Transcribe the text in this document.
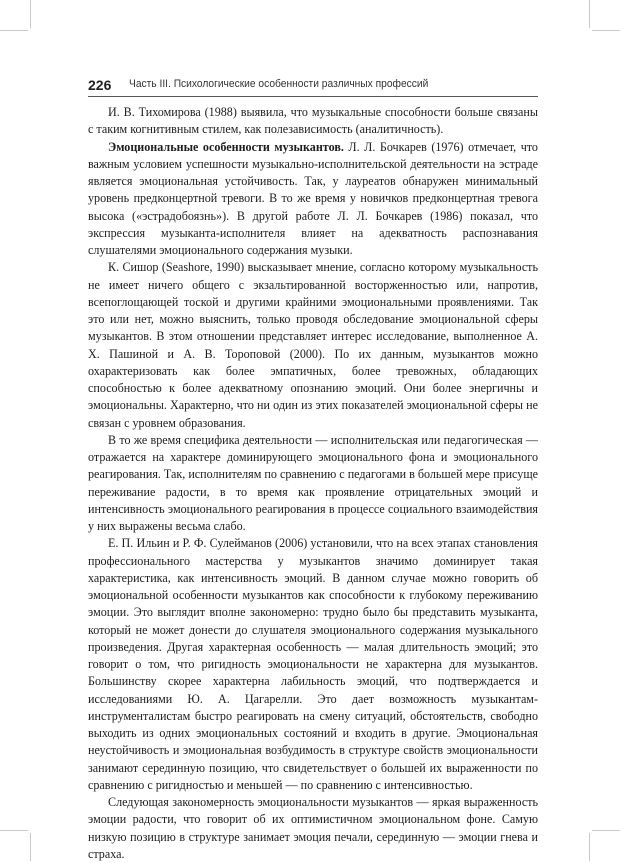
226 Часть III. Психологические особенности различных профессий

И. В. Тихомирова (1988) выявила, что музыкальные способности больше связаны с таким когнитивным стилем, как полезависимость (аналитичность).

Эмоциональные особенности музыкантов. Л. Л. Бочкарев (1976) отмечает, что важным условием успешности музыкально-исполнительской деятельности на эстраде является эмоциональная устойчивость. Так, у лауреатов обнаружен минимальный уровень предконцертной тревоги. В то же время у новичков предконцертная тревога высока («эстрадобоязнь»). В другой работе Л. Л. Бочкарев (1986) показал, что экспрессия музыканта-исполнителя влияет на адекватность распознавания слушателями эмоционального содержания музыки.

К. Сишор (Seashore, 1990) высказывает мнение, согласно которому музыкальность не имеет ничего общего с экзальтированной восторженностью или, напротив, всепоглощающей тоской и другими крайними эмоциональными проявлениями. Так это или нет, можно выяснить, только проводя обследование эмоциональной сферы музыкантов. В этом отношении представляет интерес исследование, выполненное А. Х. Пашиной и А. В. Тороповой (2000). По их данным, музыкантов можно охарактеризовать как более эмпатичных, более тревожных, обладающих способностью к более адекватному опознанию эмоций. Они более энергичны и эмоциональны. Характерно, что ни один из этих показателей эмоциональной сферы не связан с уровнем образования.

В то же время специфика деятельности — исполнительская или педагогическая — отражается на характере доминирующего эмоционального фона и эмоционального реагирования. Так, исполнителям по сравнению с педагогами в большей мере присуще переживание радости, в то время как проявление отрицательных эмоций и интенсивность эмоционального реагирования в процессе социального взаимодействия у них выражены весьма слабо.

Е. П. Ильин и Р. Ф. Сулейманов (2006) установили, что на всех этапах становления профессионального мастерства у музыкантов значимо доминирует такая характеристика, как интенсивность эмоций. В данном случае можно говорить об эмоциональной особенности музыкантов как способности к глубокому переживанию эмоции. Это выглядит вполне закономерно: трудно было бы представить музыканта, который не может донести до слушателя эмоционального содержания музыкального произведения. Другая характерная особенность — малая длительность эмоций; это говорит о том, что ригидность эмоциональности не характерна для музыкантов. Большинству скорее характерна лабильность эмоций, что подтверждается и исследованиями Ю. А. Цагарелли. Это дает возможность музыкантам-инструменталистам быстро реагировать на смену ситуаций, обстоятельств, свободно выходить из одних эмоциональных состояний и входить в другие. Эмоциональная неустойчивость и эмоциональная возбудимость в структуре свойств эмоциональности занимают серединную позицию, что свидетельствует о большей их выраженности по сравнению с ригидностью и меньшей — по сравнению с интенсивностью.

Следующая закономерность эмоциональности музыкантов — яркая выраженность эмоции радости, что говорит об их оптимистичном эмоциональном фоне. Самую низкую позицию в структуре занимает эмоция печали, серединную — эмоции гнева и страха.
